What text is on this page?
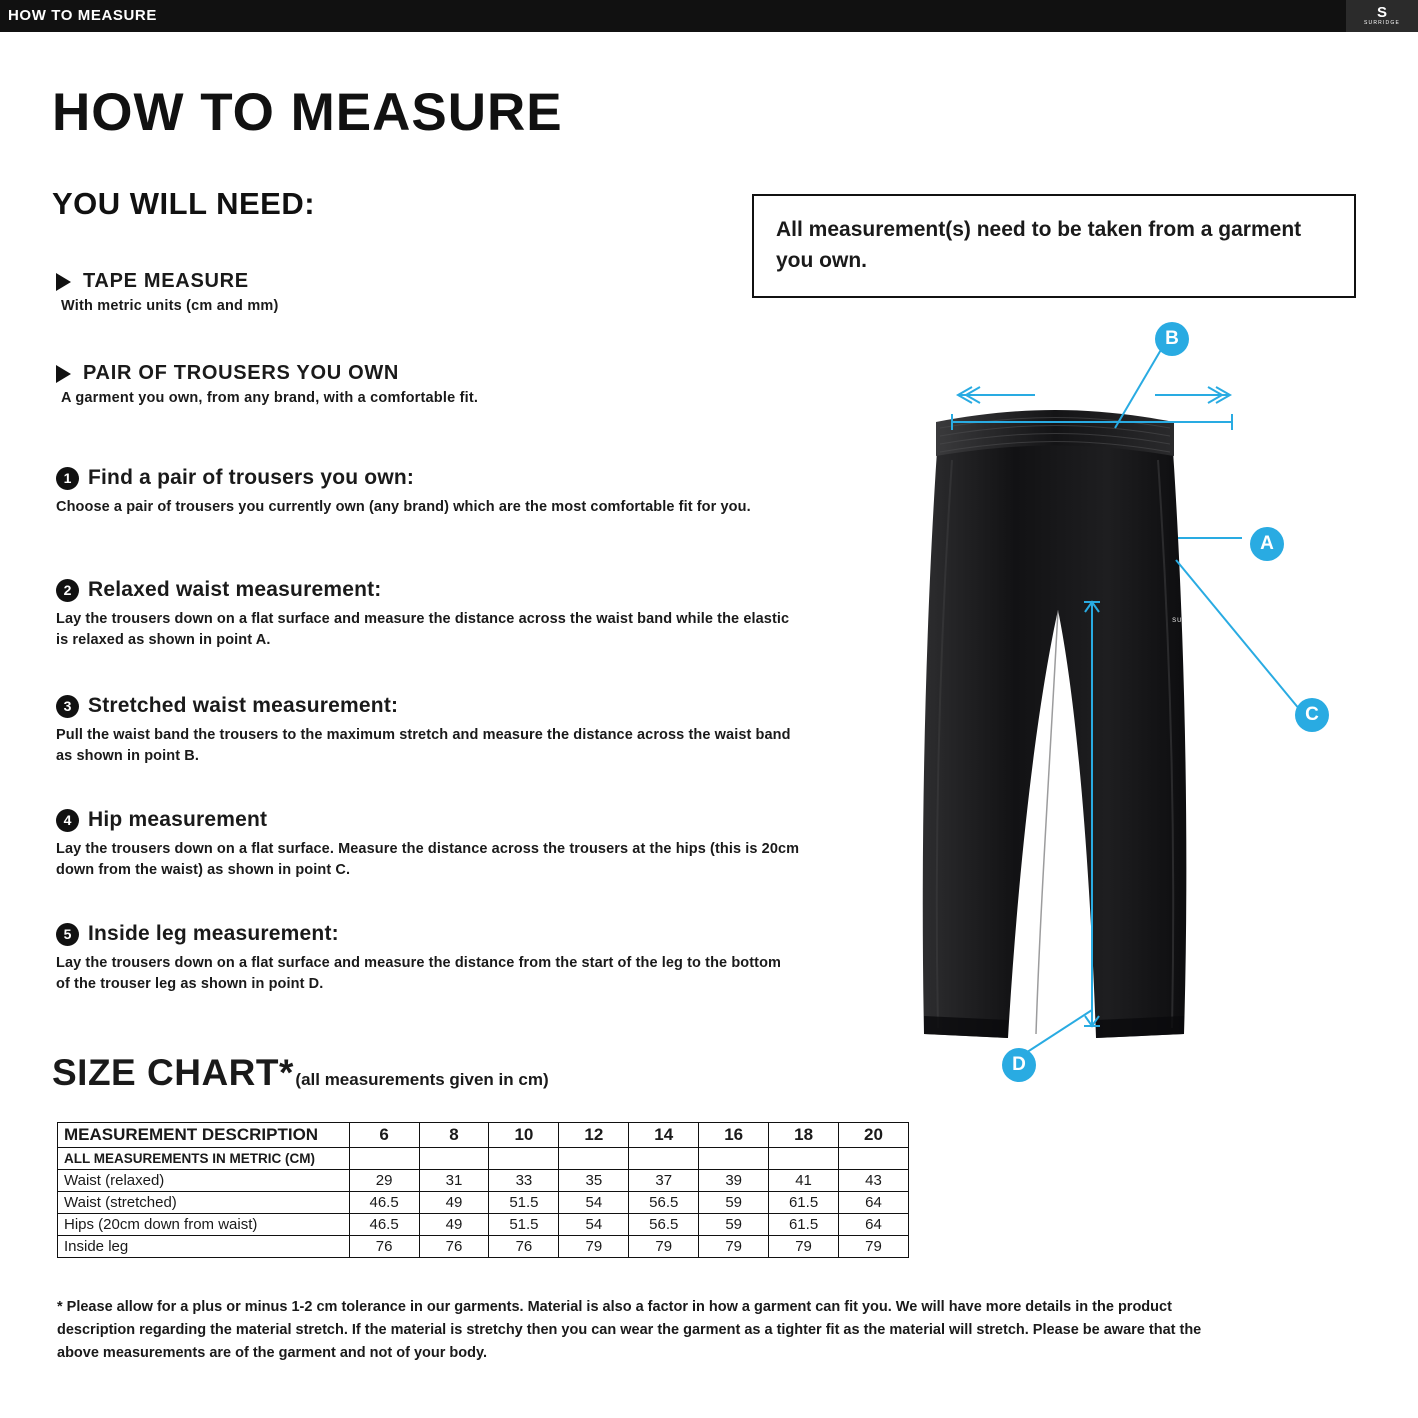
HOW TO MEASURE	S
SURRIDGE
HOW TO MEASURE
YOU WILL NEED:
TAPE MEASURE
With metric units (cm and mm)
PAIR OF TROUSERS YOU OWN
A garment you own, from any brand, with a comfortable fit.
All measurement(s) need to be taken from a garment you own.
1 Find a pair of trousers you own:
Choose a pair of trousers you currently own (any brand) which are the most comfortable fit for you.
2 Relaxed waist measurement:
Lay the trousers down on a flat surface and measure the distance across the waist band while the elastic is relaxed as shown in point A.
3 Stretched waist measurement:
Pull the waist band the trousers to the maximum stretch and measure the distance across the waist band as shown in point B.
4 Hip measurement
Lay the trousers down on a flat surface. Measure the distance across the trousers at the hips (this is 20cm down from the waist) as shown in point C.
5 Inside leg measurement:
Lay the trousers down on a flat surface and measure the distance from the start of the leg to the bottom of the trouser leg as shown in point D.
SIZE CHART * (all measurements given in cm)
MEASUREMENT DESCRIPTION	6	8	10	12	14	16	18	20
ALL MEASUREMENTS IN METRIC (CM)								
Waist (relaxed)	29	31	33	35	37	39	41	43
Waist (stretched)	46.5	49	51.5	54	56.5	59	61.5	64
Hips (20cm down from waist)	46.5	49	51.5	54	56.5	59	61.5	64
Inside leg	76	76	76	79	79	79	79	79
* Please allow for a plus or minus 1-2 cm tolerance in our garments. Material is also a factor in how a garment can fit you. We will have more details in the product description regarding the material stretch. If the material is stretchy then you can wear the garment as a tighter fit as the material will stretch. Please be aware that the above measurements are of the garment and not of your body.
S
SURRIDGE
B
A
C
D
